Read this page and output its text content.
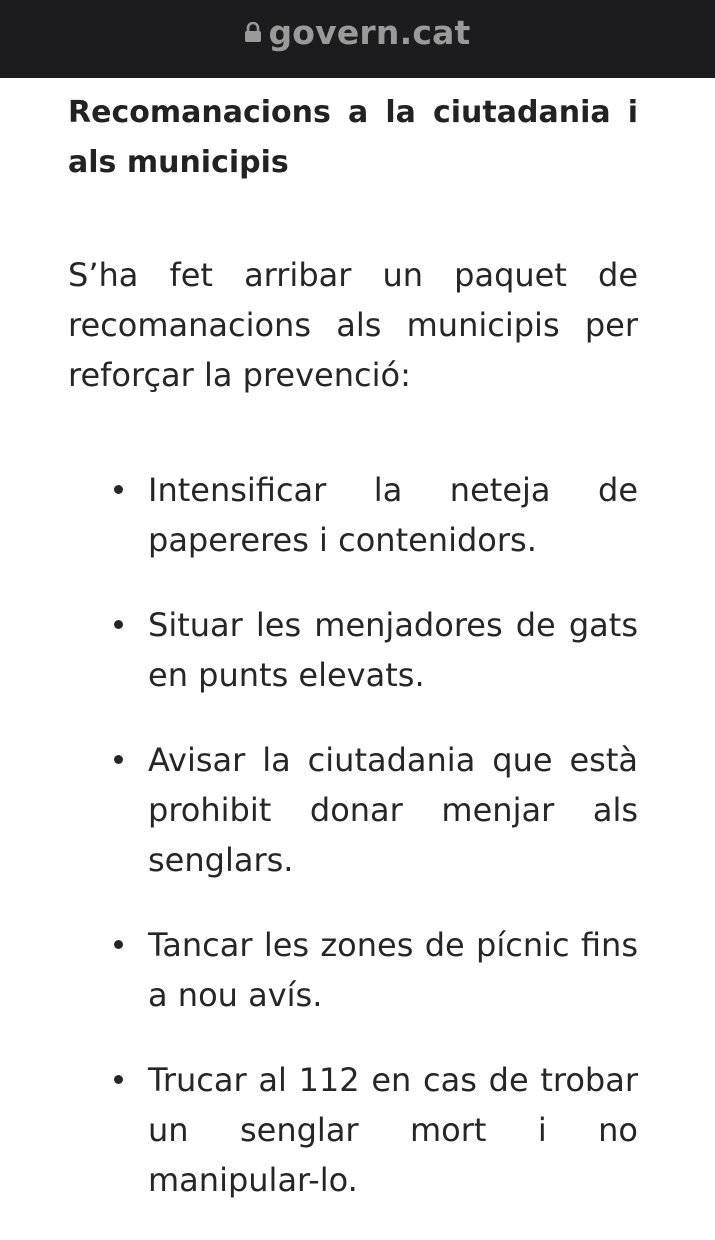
govern.cat
Recomanacions a la ciutadania i als municipis

S’ha fet arribar un paquet de recomanacions als municipis per reforçar la prevenció:

Intensificar la neteja de papereres i contenidors.
Situar les menjadores de gats en punts elevats.
Avisar la ciutadania que està prohibit donar menjar als senglars.
Tancar les zones de pícnic fins a nou avís.
Trucar al 112 en cas de trobar un senglar mort i no manipular-lo.
